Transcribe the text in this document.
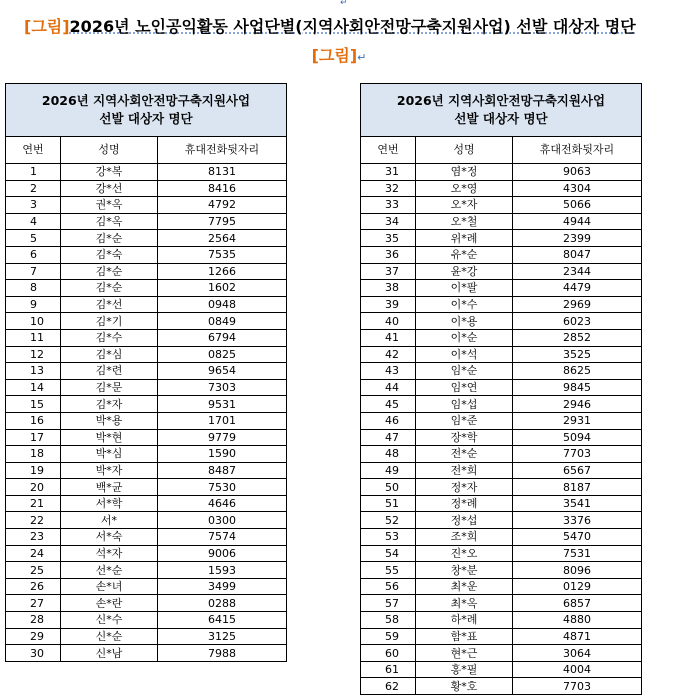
↵
[그림]2026년 노인공익활동 사업단별(지역사회안전망구축지원사업) 선발 대상자 명단
[그림]↵
2026년 지역사회안전망구축지원사업
선발 대상자 명단		

연번	성명	휴대전화뒷자리
1	강*복	8131
2	강*선	8416
3	권*옥	4792
4	김*옥	7795
5	김*순	2564
6	김*숙	7535
7	김*순	1266
8	김*순	1602
9	김*선	0948
10	김*기	0849
11	김*수	6794
12	김*심	0825
13	김*련	9654
14	김*문	7303
15	김*자	9531
16	박*용	1701
17	박*현	9779
18	박*심	1590
19	박*자	8487
20	백*균	7530
21	서*학	4646
22	서*	0300
23	서*숙	7574
24	석*자	9006
25	선*순	1593
26	손*녀	3499
27	손*란	0288
28	신*수	6415
29	신*순	3125
30	신*남	7988
2026년 지역사회안전망구축지원사업
선발 대상자 명단		

연번	성명	휴대전화뒷자리
31	염*정	9063
32	오*영	4304
33	오*자	5066
34	오*철	4944
35	위*례	2399
36	유*순	8047
37	윤*강	2344
38	이*팔	4479
39	이*수	2969
40	이*용	6023
41	이*순	2852
42	이*석	3525
43	임*순	8625
44	임*연	9845
45	임*섭	2946
46	임*준	2931
47	장*학	5094
48	전*순	7703
49	전*희	6567
50	정*자	8187
51	정*례	3541
52	정*섭	3376
53	조*희	5470
54	진*오	7531
55	창*분	8096
56	최*운	0129
57	최*옥	6857
58	하*례	4880
59	함*표	4871
60	현*근	3064
61	홍*필	4004
62	황*호	7703
